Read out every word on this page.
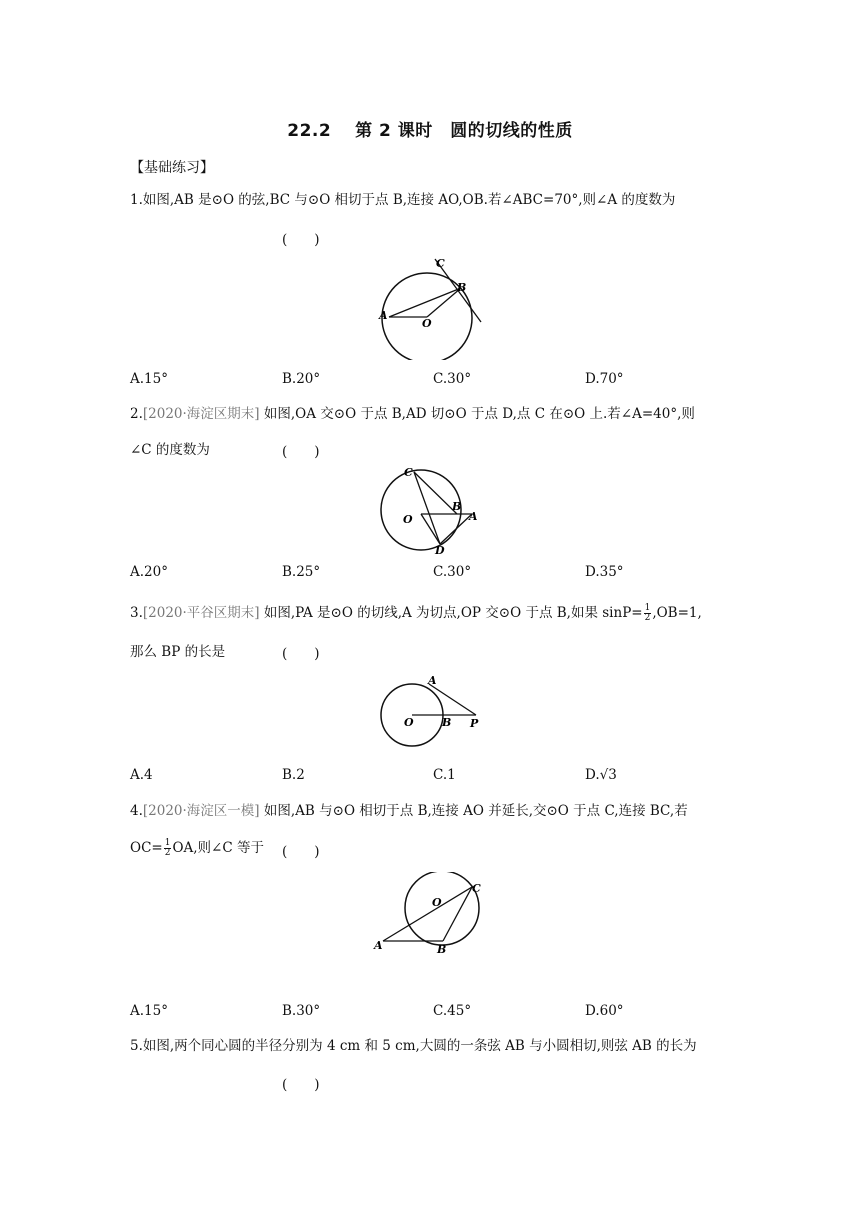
22.2　 第 2 课时　圆的切线的性质
【基础练习】
1.如图,AB 是⊙O 的弦,BC 与⊙O 相切于点 B,连接 AO,OB.若∠ABC=70°,则∠A 的度数为
(　　)
A
O
B
C
A.15°	B.20°	C.30°	D.70°
2.[2020·海淀区期末] 如图,OA 交⊙O 于点 B,AD 切⊙O 于点 D,点 C 在⊙O 上.若∠A=40°,则
∠C 的度数为	(　　)
C
O
B
A
D
A.20°	B.25°	C.30°	D.35°
3.[2020·平谷区期末] 如图,PA 是⊙O 的切线,A 为切点,OP 交⊙O 于点 B,如果 $\sin P= \frac{1}{2} ,OB=1$,
那么 BP 的长是	(　　)
A
O	B P
A.4	B.2	C.1	D.√3
4.[2020·海淀区一模] 如图,AB 与⊙O 相切于点 B,连接 AO 并延长,交⊙O 于点 C,连接 BC,若
$OC= \frac{1}{2}$ OA,则∠C 等于 (　　)
A
O
B
C
A.15°	B.30°	C.45°	D.60°
5.如图,两个同心圆的半径分别为 4 cm 和 5 cm,大圆的一条弦 AB 与小圆相切,则弦 AB 的长为
(　　)
